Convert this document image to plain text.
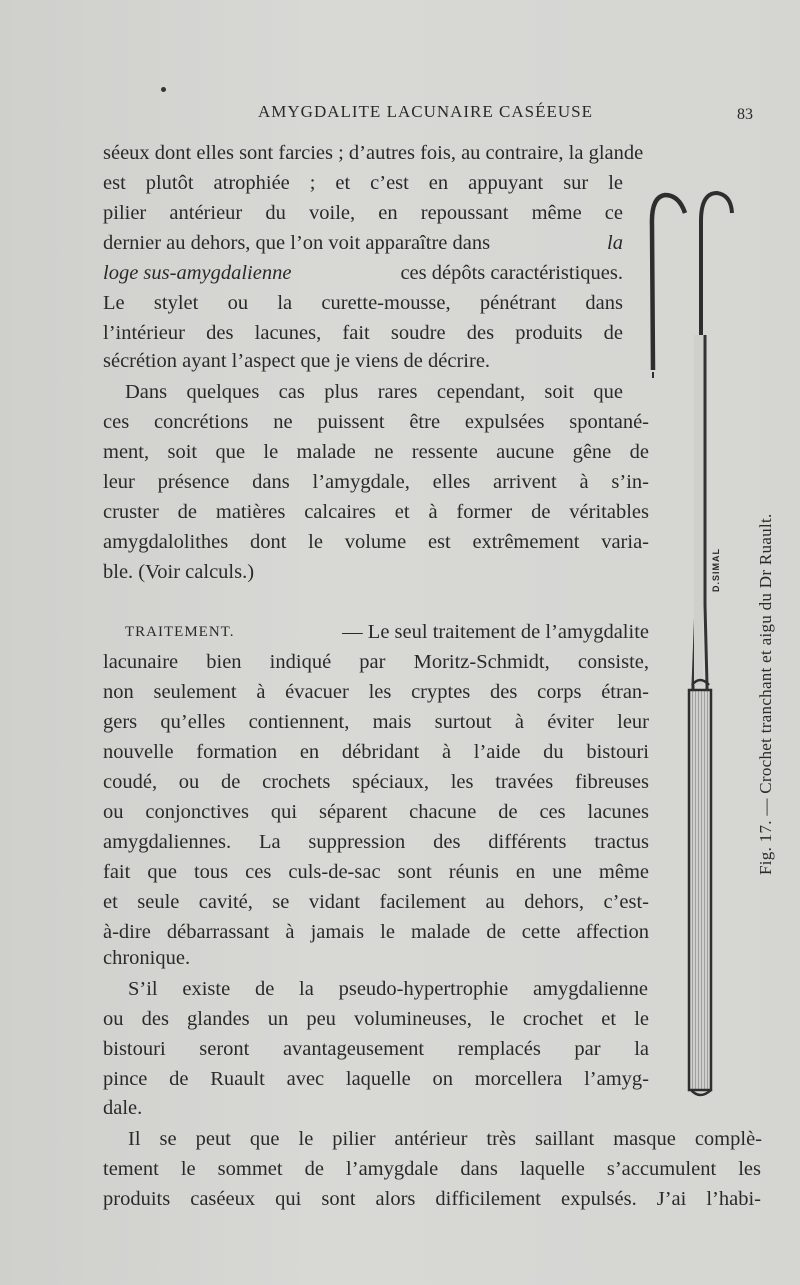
AMYGDALITE LACUNAIRE CASÉEUSE	83
séeux dont elles sont farcies ; d’autres fois, au contraire, la glande
est plutôt atrophiée ; et c’est en appuyant sur le
pilier antérieur du voile, en repoussant même ce
dernier au dehors, que l’on voit apparaître dans	la
loge sus-amygdalienne	ces dépôts caractéristiques.
Le stylet ou la curette-mousse, pénétrant dans
l’intérieur des lacunes, fait soudre des produits de
sécrétion ayant l’aspect que je viens de décrire.
Dans quelques cas plus rares cependant, soit que
ces concrétions ne puissent être expulsées spontané-
ment, soit que le malade ne ressente aucune gêne de
leur présence dans l’amygdale, elles arrivent à s’in-
cruster de matières calcaires et à former de véritables
amygdalolithes dont le volume est extrêmement varia-
ble. (Voir calculs.)
TRAITEMENT.	— Le seul traitement de l’amygdalite
lacunaire bien indiqué par Moritz-Schmidt, consiste,
non seulement à évacuer les cryptes des corps étran-
gers qu’elles contiennent, mais surtout à éviter leur
nouvelle formation en débridant à l’aide du bistouri
coudé, ou de crochets spéciaux, les travées fibreuses
ou conjonctives qui séparent chacune de ces lacunes
amygdaliennes. La suppression des différents tractus
fait que tous ces culs-de-sac sont réunis en une même
et seule cavité, se vidant facilement au dehors, c’est-
à-dire débarrassant à jamais le malade de cette affection
chronique.
S’il existe de la pseudo-hypertrophie amygdalienne
ou des glandes un peu volumineuses, le crochet et le
bistouri seront avantageusement remplacés par la
pince de Ruault avec laquelle on morcellera l’amyg-
dale.
Il se peut que le pilier antérieur très saillant masque complè-
tement le sommet de l’amygdale dans laquelle s’accumulent les
produits caséeux qui sont alors difficilement expulsés. J’ai l’habi-
D.SIMAL Fig. 17. — Crochet tranchant et aigu du Dr Ruault.
